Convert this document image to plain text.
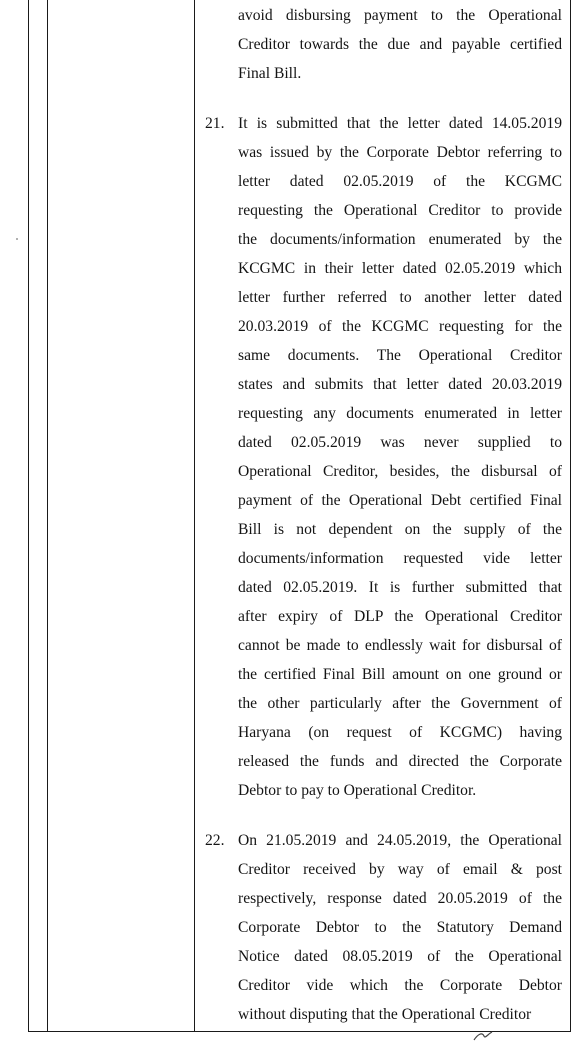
avoid disbursing payment to the Operational
Creditor towards the due and payable certified
Final Bill.
21. It is submitted that the letter dated 14.05.2019
was issued by the Corporate Debtor referring to
letter dated 02.05.2019 of the KCGMC
requesting the Operational Creditor to provide
the documents/information enumerated by the
KCGMC in their letter dated 02.05.2019 which
letter further referred to another letter dated
20.03.2019 of the KCGMC requesting for the
same documents. The Operational Creditor
states and submits that letter dated 20.03.2019
requesting any documents enumerated in letter
dated 02.05.2019 was never supplied to
Operational Creditor, besides, the disbursal of
payment of the Operational Debt certified Final
Bill is not dependent on the supply of the
documents/information requested vide letter
dated 02.05.2019. It is further submitted that
after expiry of DLP the Operational Creditor
cannot be made to endlessly wait for disbursal of
the certified Final Bill amount on one ground or
the other particularly after the Government of
Haryana (on request of KCGMC) having
released the funds and directed the Corporate
Debtor to pay to Operational Creditor.
22. On 21.05.2019 and 24.05.2019, the Operational
Creditor received by way of email & post
respectively, response dated 20.05.2019 of the
Corporate Debtor to the Statutory Demand
Notice dated 08.05.2019 of the Operational
Creditor vide which the Corporate Debtor
without disputing that the Operational Creditor
